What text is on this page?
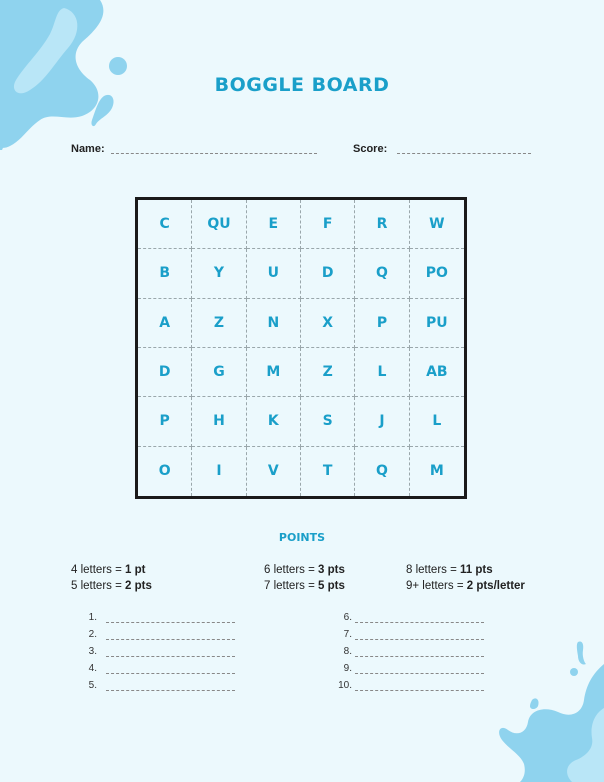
BOGGLE BOARD
Name:	Score:
C	QU	E	F	R	W
B	Y	U	D	Q	PO
A	Z	N	X	P	PU
D	G	M	Z	L	AB
P	H	K	S	J	L
O	I	V	T	Q	M
POINTS
4 letters = 1 pt
5 letters = 2 pts
6 letters = 3 pts
7 letters = 5 pts
8 letters = 11 pts
9+ letters = 2 pts/letter
1.
2.
3.
4.
5.
6.
7.
8.
9.
10.
